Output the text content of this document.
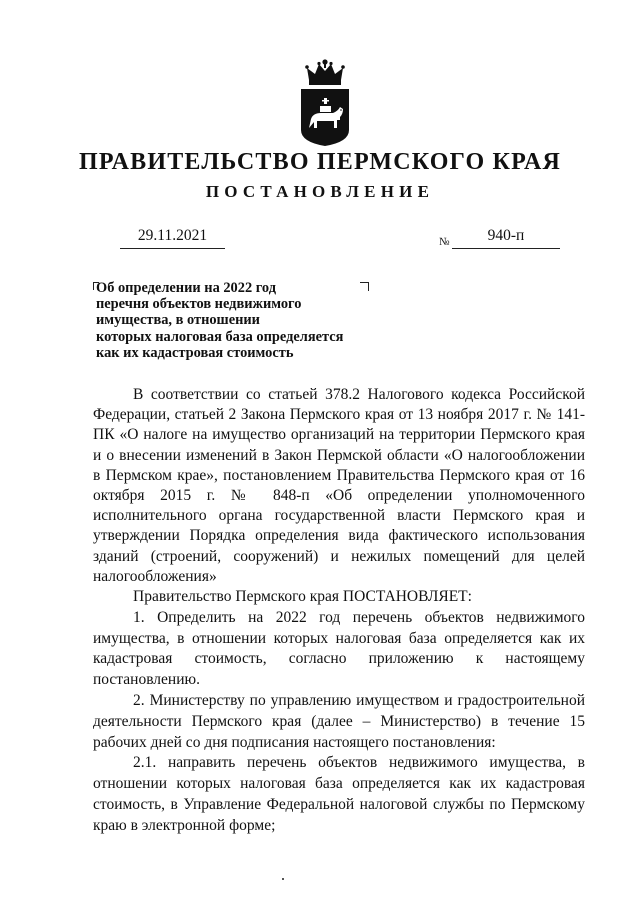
ПРАВИТЕЛЬСТВО ПЕРМСКОГО КРАЯ
ПОСТАНОВЛЕНИЕ
29.11.2021	№	940-п
Об определении на 2022 год
перечня объектов недвижимого
имущества, в отношении
которых налоговая база определяется
как их кадастровая стоимость

В соответствии со статьей 378.2 Налогового кодекса Российской Федерации, статьей 2 Закона Пермского края от 13 ноября 2017 г. № 141-ПК «О налоге на имущество организаций на территории Пермского края и о внесении изменений в Закон Пермской области «О налогообложении в Пермском крае», постановлением Правительства Пермского края от 16 октября 2015 г. № 848-п «Об определении уполномоченного исполнительного органа государственной власти Пермского края и утверждении Порядка определения вида фактического использования зданий (строений, сооружений) и нежилых помещений для целей налогообложения»

Правительство Пермского края ПОСТАНОВЛЯЕТ:

1. Определить на 2022 год перечень объектов недвижимого имущества, в отношении которых налоговая база определяется как их кадастровая стоимость, согласно приложению к настоящему постановлению.

2. Министерству по управлению имуществом и градостроительной деятельности Пермского края (далее – Министерство) в течение 15 рабочих дней со дня подписания настоящего постановления:

2.1. направить перечень объектов недвижимого имущества, в отношении которых налоговая база определяется как их кадастровая стоимость, в Управление Федеральной налоговой службы по Пермскому краю в электронной форме;
